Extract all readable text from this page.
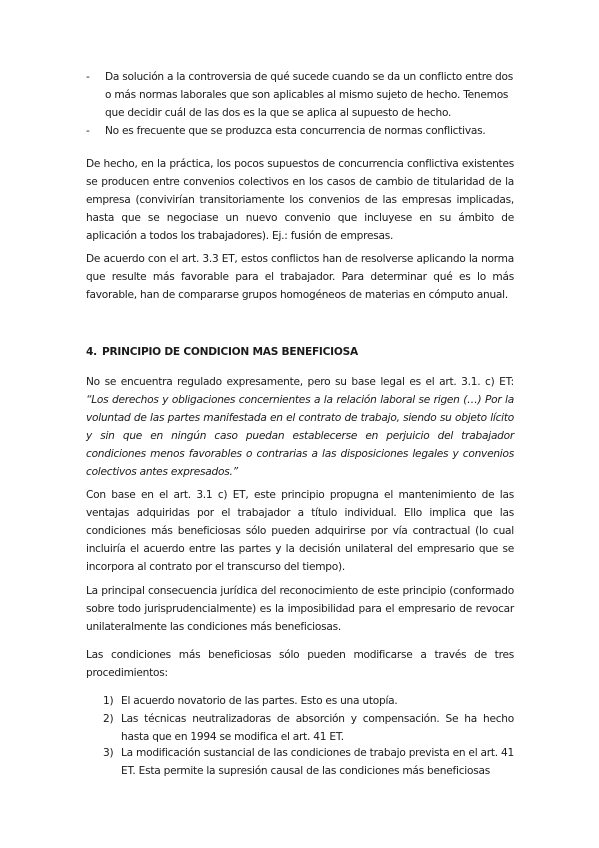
-	Da solución a la controversia de qué sucede cuando se da un conflicto entre dos o más normas laborales que son aplicables al mismo sujeto de hecho. Tenemos que decidir cuál de las dos es la que se aplica al supuesto de hecho.
-	No es frecuente que se produzca esta concurrencia de normas conflictivas.

De hecho, en la práctica, los pocos supuestos de concurrencia conflictiva existentes se producen entre convenios colectivos en los casos de cambio de titularidad de la empresa (convivirían transitoriamente los convenios de las empresas implicadas, hasta que se negociase un nuevo convenio que incluyese en su ámbito de aplicación a todos los trabajadores). Ej.: fusión de empresas.

De acuerdo con el art. 3.3 ET, estos conflictos han de resolverse aplicando la norma que resulte más favorable para el trabajador. Para determinar qué es lo más favorable, han de compararse grupos homogéneos de materias en cómputo anual.

4. PRINCIPIO DE CONDICION MAS BENEFICIOSA

No se encuentra regulado expresamente, pero su base legal es el art. 3.1. c) ET: “Los derechos y obligaciones concernientes a la relación laboral se rigen (…) Por la voluntad de las partes manifestada en el contrato de trabajo, siendo su objeto lícito y sin que en ningún caso puedan establecerse en perjuicio del trabajador condiciones menos favorables o contrarias a las disposiciones legales y convenios colectivos antes expresados.”

Con base en el art. 3.1 c) ET, este principio propugna el mantenimiento de las ventajas adquiridas por el trabajador a título individual. Ello implica que las condiciones más beneficiosas sólo pueden adquirirse por vía contractual (lo cual incluiría el acuerdo entre las partes y la decisión unilateral del empresario que se incorpora al contrato por el transcurso del tiempo).

La principal consecuencia jurídica del reconocimiento de este principio (conformado sobre todo jurisprudencialmente) es la imposibilidad para el empresario de revocar unilateralmente las condiciones más beneficiosas.

Las condiciones más beneficiosas sólo pueden modificarse a través de tres procedimientos:

1) El acuerdo novatorio de las partes. Esto es una utopía.
2) Las técnicas neutralizadoras de absorción y compensación. Se ha hecho hasta que en 1994 se modifica el art. 41 ET.
3) La modificación sustancial de las condiciones de trabajo prevista en el art. 41 ET. Esta permite la supresión causal de las condiciones más beneficiosas
